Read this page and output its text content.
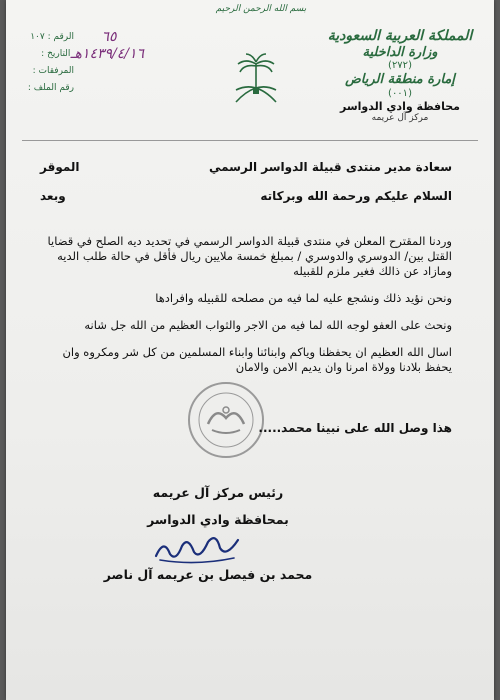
بسم الله الرحمن الرحيم
المملكة العربية السعودية
وزارة الداخلية
(٢٧٢)
إمارة منطقة الرياض
(٠٠١)
محافظة وادي الدواسر
مركز آل عريمه
الرقم : ١٠٧	٦٥
التاريخ : ١٤٣٩/٤/١٦هـ
المرفقات :
رقم الملف :
سعادة مدير منتدى قبيلة الدواسر الرسمي
الموقر
السلام عليكم ورحمة الله وبركاته
وبعد

وردنا المقترح المعلن في منتدى قبيلة الدواسر الرسمي في تحديد ديه الصلح في قضايا القتل بين/ الدوسري والدوسري / بمبلغ خمسة ملايين ريال فأقل في حالة طلب الديه ومازاد عن ذالك فغير ملزم للقبيله

ونحن نؤيد ذلك ونشجع عليه لما فيه من مصلحه للقبيله وافرادها

ونحث على العفو لوجه الله لما فيه من الاجر والثواب العظيم من الله جل شانه

اسال الله العظيم ان يحفظنا وياكم وابنائنا وابناء المسلمين من كل شر ومكروه وان يحفظ بلادنا وولاة امرنا وان يديم الامن والامان

هذا وصل الله على نبينا محمد.....
رئيس مركز آل عريمه
بمحافظة وادي الدواسر
محمد بن فيصل بن عريمه آل ناصر
